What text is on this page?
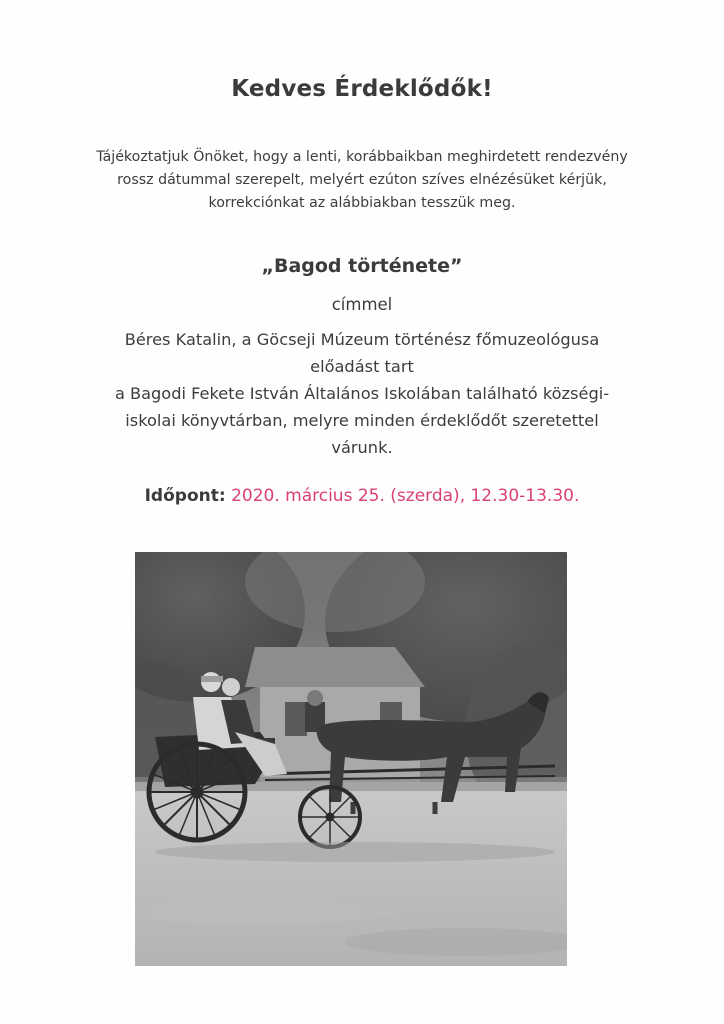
Kedves Érdeklődők!
Tájékoztatjuk Önöket, hogy a lenti, korábbaikban meghirdetett rendezvény
rossz dátummal szerepelt, melyért ezúton szíves elnézésüket kérjük,
korrekciónkat az alábbiakban tesszük meg.
„Bagod története”
címmel
Béres Katalin, a Göcseji Múzeum történész főmuzeológusa
előadást tart
a Bagodi Fekete István Általános Iskolában található községi-
iskolai könyvtárban, melyre minden érdeklődőt szeretettel
várunk.
Időpont: 2020. március 25. (szerda), 12.30-13.30.
